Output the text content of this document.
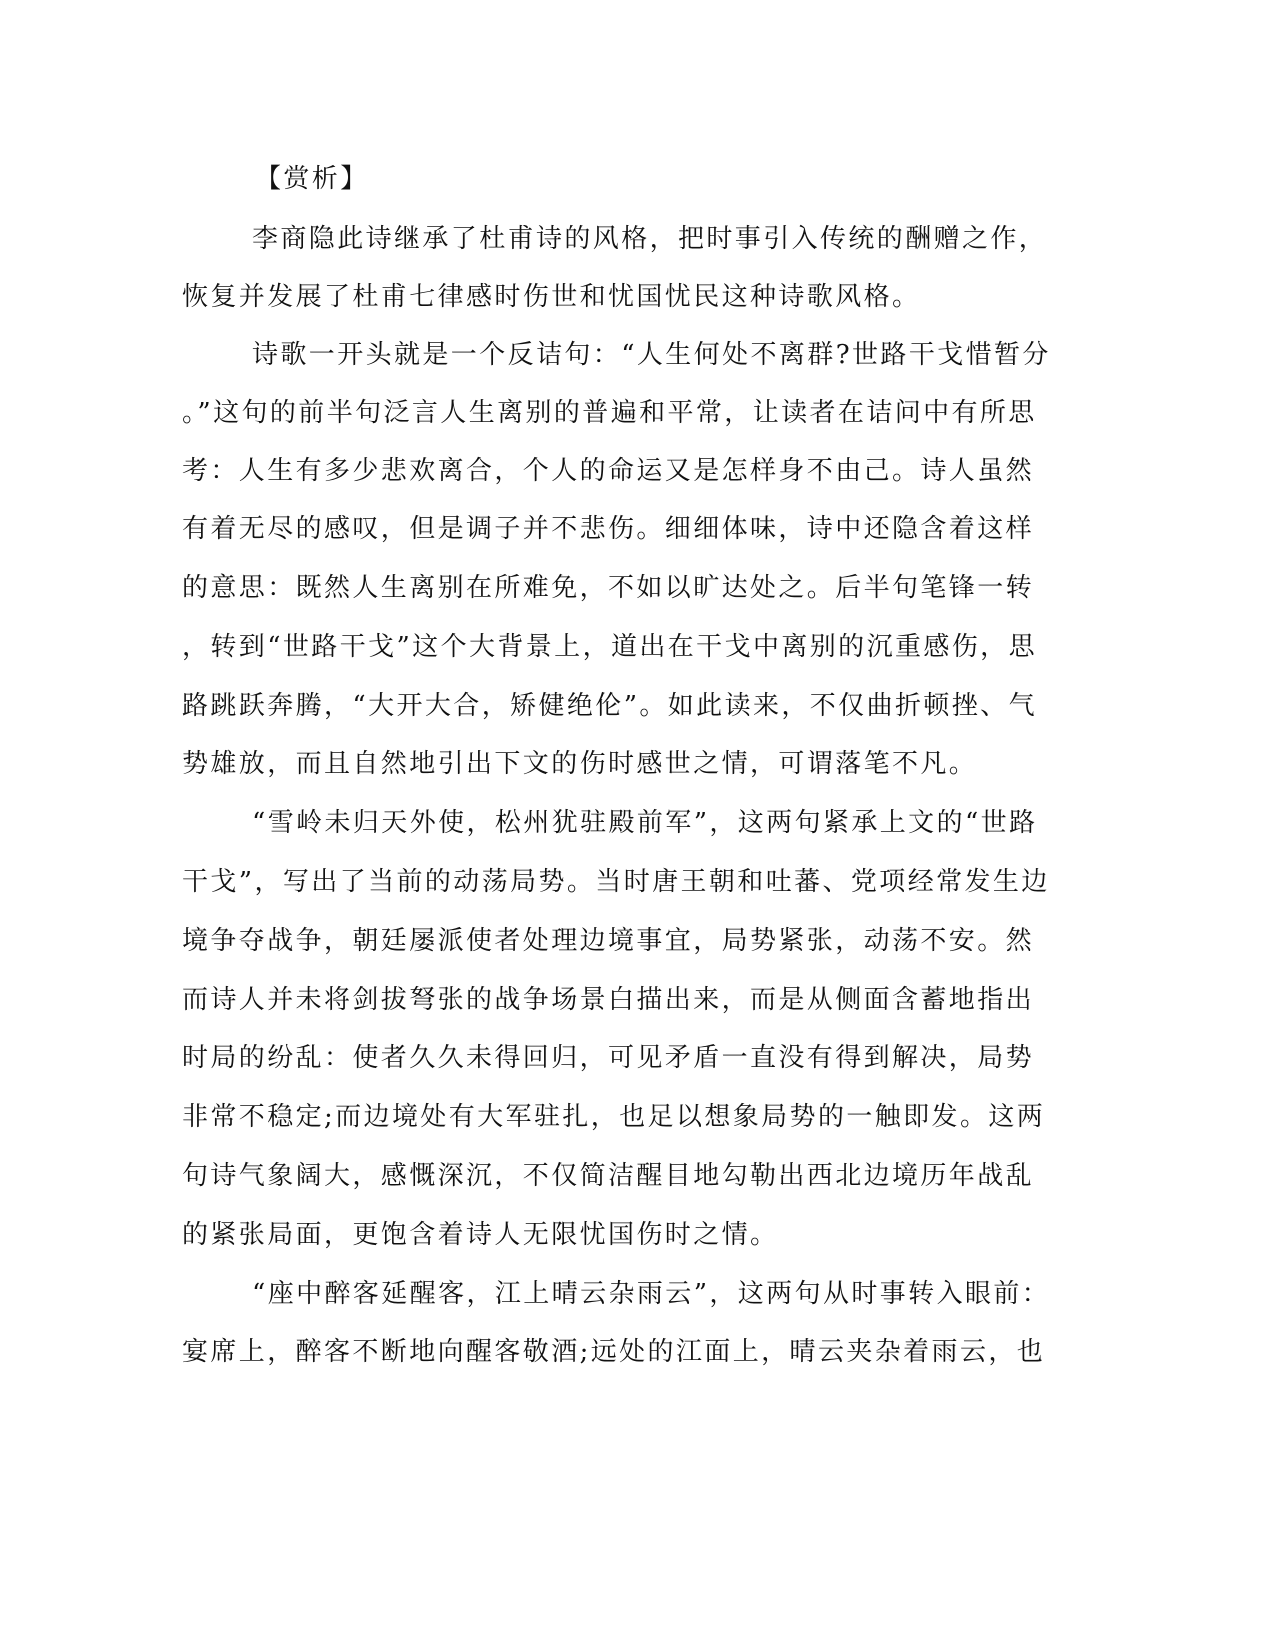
【赏析】
李商隐此诗继承了杜甫诗的风格，把时事引入传统的酬赠之作，
恢复并发展了杜甫七律感时伤世和忧国忧民这种诗歌风格。
诗歌一开头就是一个反诘句：“人生何处不离群?世路干戈惜暂分
。”这句的前半句泛言人生离别的普遍和平常，让读者在诘问中有所思
考：人生有多少悲欢离合，个人的命运又是怎样身不由己。诗人虽然
有着无尽的感叹，但是调子并不悲伤。细细体味，诗中还隐含着这样
的意思：既然人生离别在所难免，不如以旷达处之。后半句笔锋一转
，转到“世路干戈”这个大背景上，道出在干戈中离别的沉重感伤，思
路跳跃奔腾，“大开大合，矫健绝伦”。如此读来，不仅曲折顿挫、气
势雄放，而且自然地引出下文的伤时感世之情，可谓落笔不凡。
“雪岭未归天外使，松州犹驻殿前军”，这两句紧承上文的“世路
干戈”，写出了当前的动荡局势。当时唐王朝和吐蕃、党项经常发生边
境争夺战争，朝廷屡派使者处理边境事宜，局势紧张，动荡不安。然
而诗人并未将剑拔弩张的战争场景白描出来，而是从侧面含蓄地指出
时局的纷乱：使者久久未得回归，可见矛盾一直没有得到解决，局势
非常不稳定;而边境处有大军驻扎，也足以想象局势的一触即发。这两
句诗气象阔大，感慨深沉，不仅简洁醒目地勾勒出西北边境历年战乱
的紧张局面，更饱含着诗人无限忧国伤时之情。
“座中醉客延醒客，江上晴云杂雨云”，这两句从时事转入眼前：
宴席上，醉客不断地向醒客敬酒;远处的江面上，晴云夹杂着雨云，也
